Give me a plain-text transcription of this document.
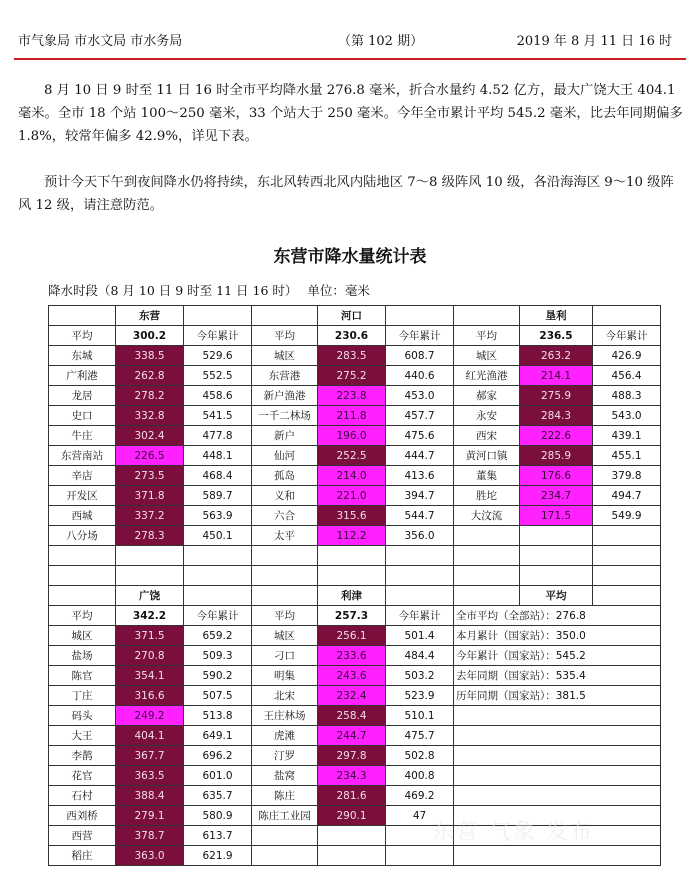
市气象局 市水文局 市水务局	（第 102 期）	2019 年 8 月 11 日 16 时

8 月 10 日 9 时至 11 日 16 时全市平均降水量 276.8 毫米，折合水量约 4.52 亿方，最大广饶大王 404.1 毫米。全市 18 个站 100～250 毫米，33 个站大于 250 毫米。今年全市累计平均 545.2 毫米，比去年同期偏多 1.8%，较常年偏多 42.9%，详见下表。

预计今天下午到夜间降水仍将持续，东北风转西北风内陆地区 7～8 级阵风 10 级，各沿海海区 9～10 级阵风 12 级，请注意防范。

东营市降水量统计表
降水时段（8 月 10 日 9 时至 11 日 16 时） 单位：毫米
	东营			河口			垦利	
平均	300.2	今年累计	平均	230.6	今年累计	平均	236.5	今年累计
东城	338.5	529.6	城区	283.5	608.7	城区	263.2	426.9
广利港	262.8	552.5	东营港	275.2	440.6	红光渔港	214.1	456.4
龙居	278.2	458.6	新户渔港	223.8	453.0	郝家	275.9	488.3
史口	332.8	541.5	一千二林场	211.8	457.7	永安	284.3	543.0
牛庄	302.4	477.8	新户	196.0	475.6	西宋	222.6	439.1
东营南站	226.5	448.1	仙河	252.5	444.7	黄河口镇	285.9	455.1
辛店	273.5	468.4	孤岛	214.0	413.6	董集	176.6	379.8
开发区	371.8	589.7	义和	221.0	394.7	胜坨	234.7	494.7
西城	337.2	563.9	六合	315.6	544.7	大汶流	171.5	549.9
八分场	278.3	450.1	太平	112.2	356.0			

	广饶			利津			平均	
平均	342.2	今年累计	平均	257.3	今年累计	全市平均（全部站）：276.8		
城区	371.5	659.2	城区	256.1	501.4	本月累计（国家站）：350.0		
盐场	270.8	509.3	刁口	233.6	484.4	今年累计（国家站）：545.2		
陈官	354.1	590.2	明集	243.6	503.2	去年同期（国家站）：535.4		
丁庄	316.6	507.5	北宋	232.4	523.9	历年同期（国家站）：381.5		
码头	249.2	513.8	王庄林场	258.4	510.1			
大王	404.1	649.1	虎滩	244.7	475.7			
李鹊	367.7	696.2	汀罗	297.8	502.8			
花官	363.5	601.0	盐窝	234.3	400.8			
石村	388.4	635.7	陈庄	281.6	469.2			
西刘桥	279.1	580.9	陈庄工业园	290.1	47			
西营	378.7	613.7						
稻庄	363.0	621.9						
东营 气象 发布
